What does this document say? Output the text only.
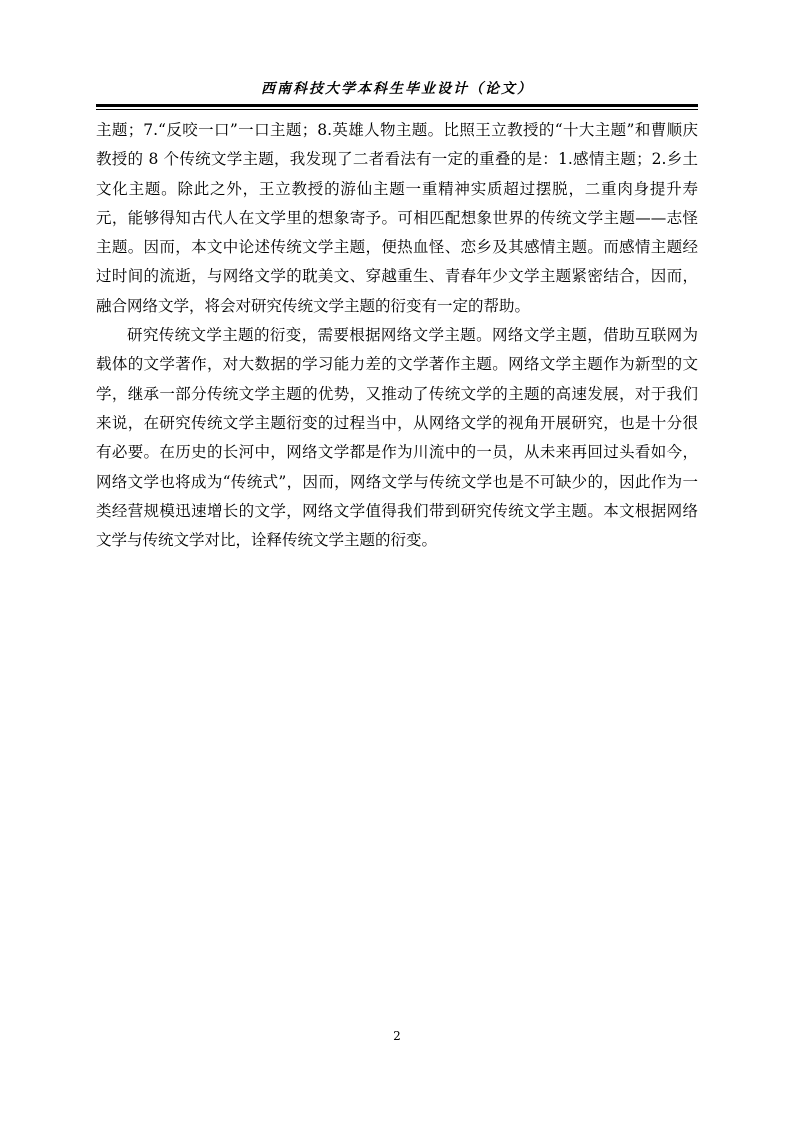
西南科技大学本科生毕业设计（论文）

主题；7.“反咬一口”一口主题；8.英雄人物主题。比照王立教授的“十大主题”和曹顺庆教授的 8 个传统文学主题，我发现了二者看法有一定的重叠的是：1.感情主题；2.乡土文化主题。除此之外，王立教授的游仙主题一重精神实质超过摆脱，二重肉身提升寿元，能够得知古代人在文学里的想象寄予。可相匹配想象世界的传统文学主题——志怪主题。因而，本文中论述传统文学主题，便热血怪、恋乡及其感情主题。而感情主题经过时间的流逝，与网络文学的耽美文、穿越重生、青春年少文学主题紧密结合，因而，融合网络文学，将会对研究传统文学主题的衍变有一定的帮助。

研究传统文学主题的衍变，需要根据网络文学主题。网络文学主题，借助互联网为载体的文学著作，对大数据的学习能力差的文学著作主题。网络文学主题作为新型的文学，继承一部分传统文学主题的优势，又推动了传统文学的主题的高速发展，对于我们来说，在研究传统文学主题衍变的过程当中，从网络文学的视角开展研究，也是十分很有必要。在历史的长河中，网络文学都是作为川流中的一员，从未来再回过头看如今，网络文学也将成为“传统式”，因而，网络文学与传统文学也是不可缺少的，因此作为一类经营规模迅速增长的文学，网络文学值得我们带到研究传统文学主题。本文根据网络文学与传统文学对比，诠释传统文学主题的衍变。

2
